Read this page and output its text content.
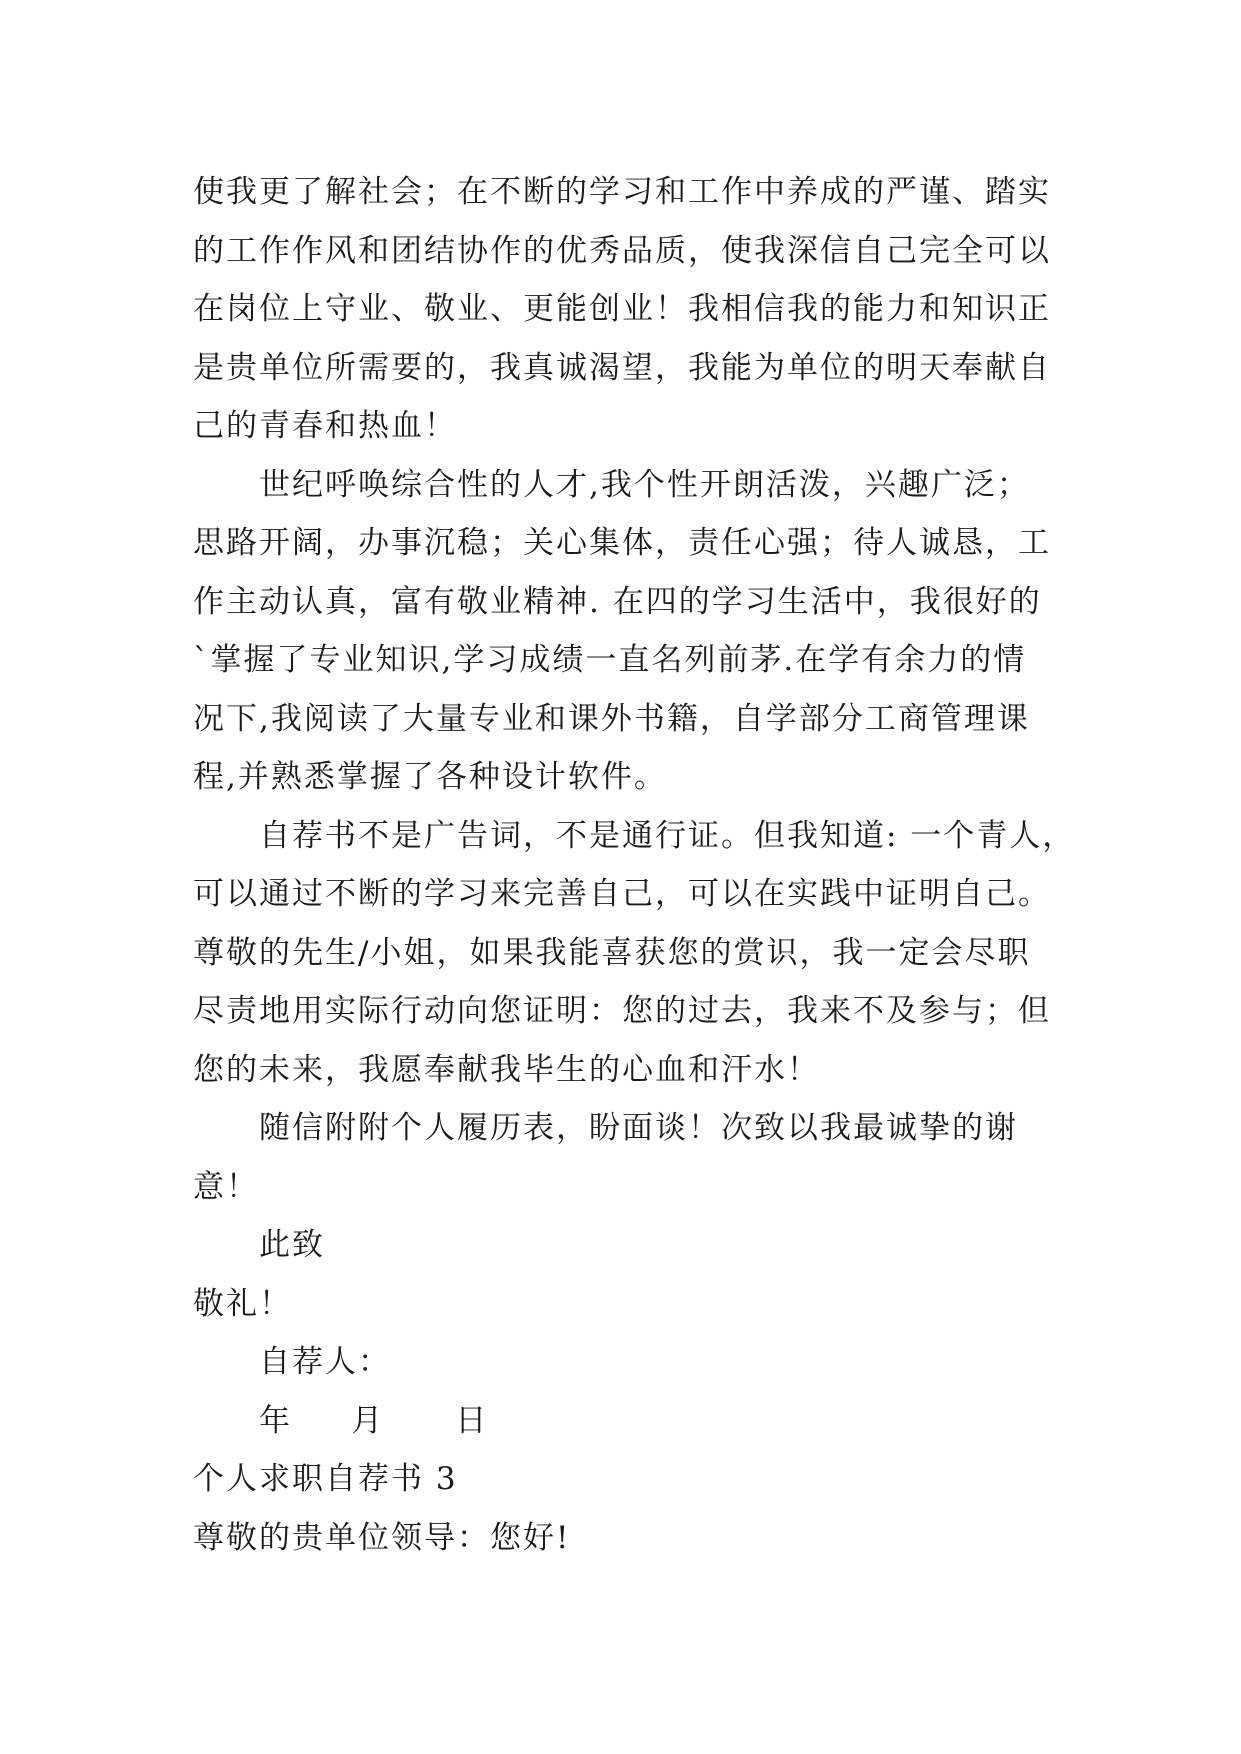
使我更了解社会；在不断的学习和工作中养成的严谨、踏实
的工作作风和团结协作的优秀品质，使我深信自己完全可以
在岗位上守业、敬业、更能创业！我相信我的能力和知识正
是贵单位所需要的，我真诚渴望，我能为单位的明天奉献自
己的青春和热血！
世纪呼唤综合性的人才,我个性开朗活泼，兴趣广泛；
思路开阔，办事沉稳；关心集体，责任心强；待人诚恳，工
作主动认真，富有敬业精神. 在四的学习生活中，我很好的
`掌握了专业知识,学习成绩一直名列前茅.在学有余力的情
况下,我阅读了大量专业和课外书籍，自学部分工商管理课
程,并熟悉掌握了各种设计软件。
自荐书不是广告词，不是通行证。但我知道: 一个青人，
可以通过不断的学习来完善自己，可以在实践中证明自己。
尊敬的先生/小姐，如果我能喜获您的赏识，我一定会尽职
尽责地用实际行动向您证明：您的过去，我来不及参与；但
您的未来，我愿奉献我毕生的心血和汗水！
随信附附个人履历表，盼面谈！次致以我最诚挚的谢
意！
此致
敬礼！
自荐人：
年     月      日
个人求职自荐书 3
尊敬的贵单位领导：您好!
